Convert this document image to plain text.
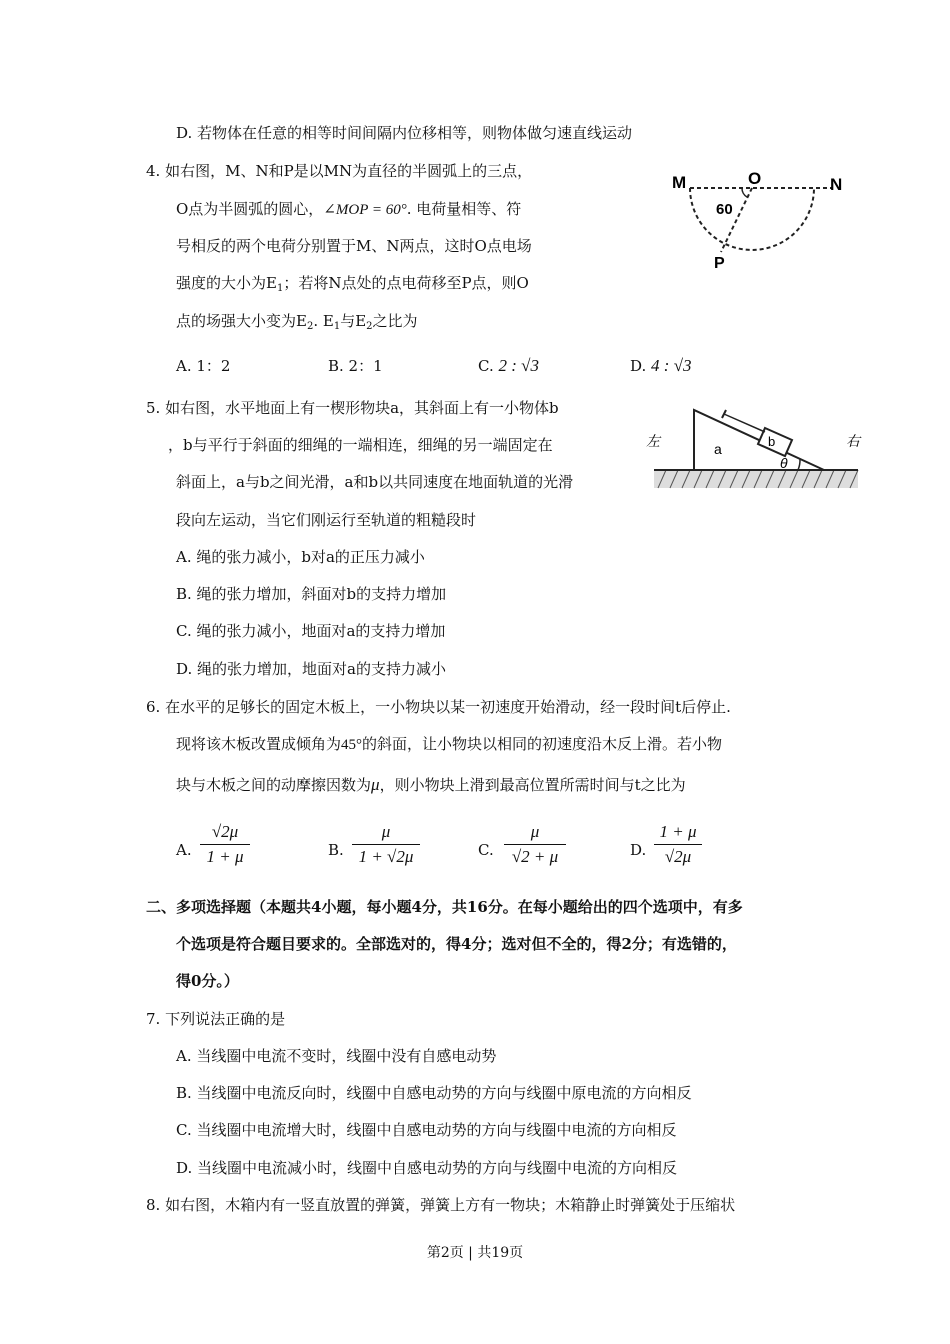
D. 若物体在任意的相等时间间隔内位移相等，则物体做匀速直线运动
4. 如右图，M、N和P是以MN为直径的半圆弧上的三点，
O点为半圆弧的圆心，∠MOP = 60°. 电荷量相等、符
号相反的两个电荷分别置于M、N两点，这时O点电场
强度的大小为$E_1$；若将N点处的点电荷移至P点，则O
点的场强大小变为$E_2$. $E_1$与$E_2$之比为
A. 1：2	B. 2：1	C. 2 : √3	D. 4 : √3
M	O	N
P
60
5. 如右图，水平地面上有一楔形物块a，其斜面上有一小物体b
，b与平行于斜面的细绳的一端相连，细绳的另一端固定在
斜面上，a与b之间光滑，a和b以共同速度在地面轨道的光滑
段向左运动，当它们刚运行至轨道的粗糙段时
A. 绳的张力减小，b对a的正压力减小
B. 绳的张力增加，斜面对b的支持力增加
C. 绳的张力减小，地面对a的支持力增加
D. 绳的张力增加，地面对a的支持力减小
左	右
a	b
θ
6. 在水平的足够长的固定木板上，一小物块以某一初速度开始滑动，经一段时间t后停止.
现将该木板改置成倾角为45°的斜面，让小物块以相同的初速度沿木反上滑。若小物
块与木板之间的动摩擦因数为μ，则小物块上滑到最高位置所需时间与t之比为
A.
√2μ
1 + μ	B.
μ
1 + √2μ	C.
μ
√2 + μ	D.
1 + μ
√2μ
二、多项选择题（本题共4小题，每小题4分，共16分。在每小题给出的四个选项中，有多
个选项是符合题目要求的。全部选对的，得4分；选对但不全的，得2分；有选错的，
得0分。）
7. 下列说法正确的是
A. 当线圈中电流不变时，线圈中没有自感电动势
B. 当线圈中电流反向时，线圈中自感电动势的方向与线圈中原电流的方向相反
C. 当线圈中电流增大时，线圈中自感电动势的方向与线圈中电流的方向相反
D. 当线圈中电流减小时，线圈中自感电动势的方向与线圈中电流的方向相反
8. 如右图，木箱内有一竖直放置的弹簧，弹簧上方有一物块；木箱静止时弹簧处于压缩状
第2页 | 共19页
